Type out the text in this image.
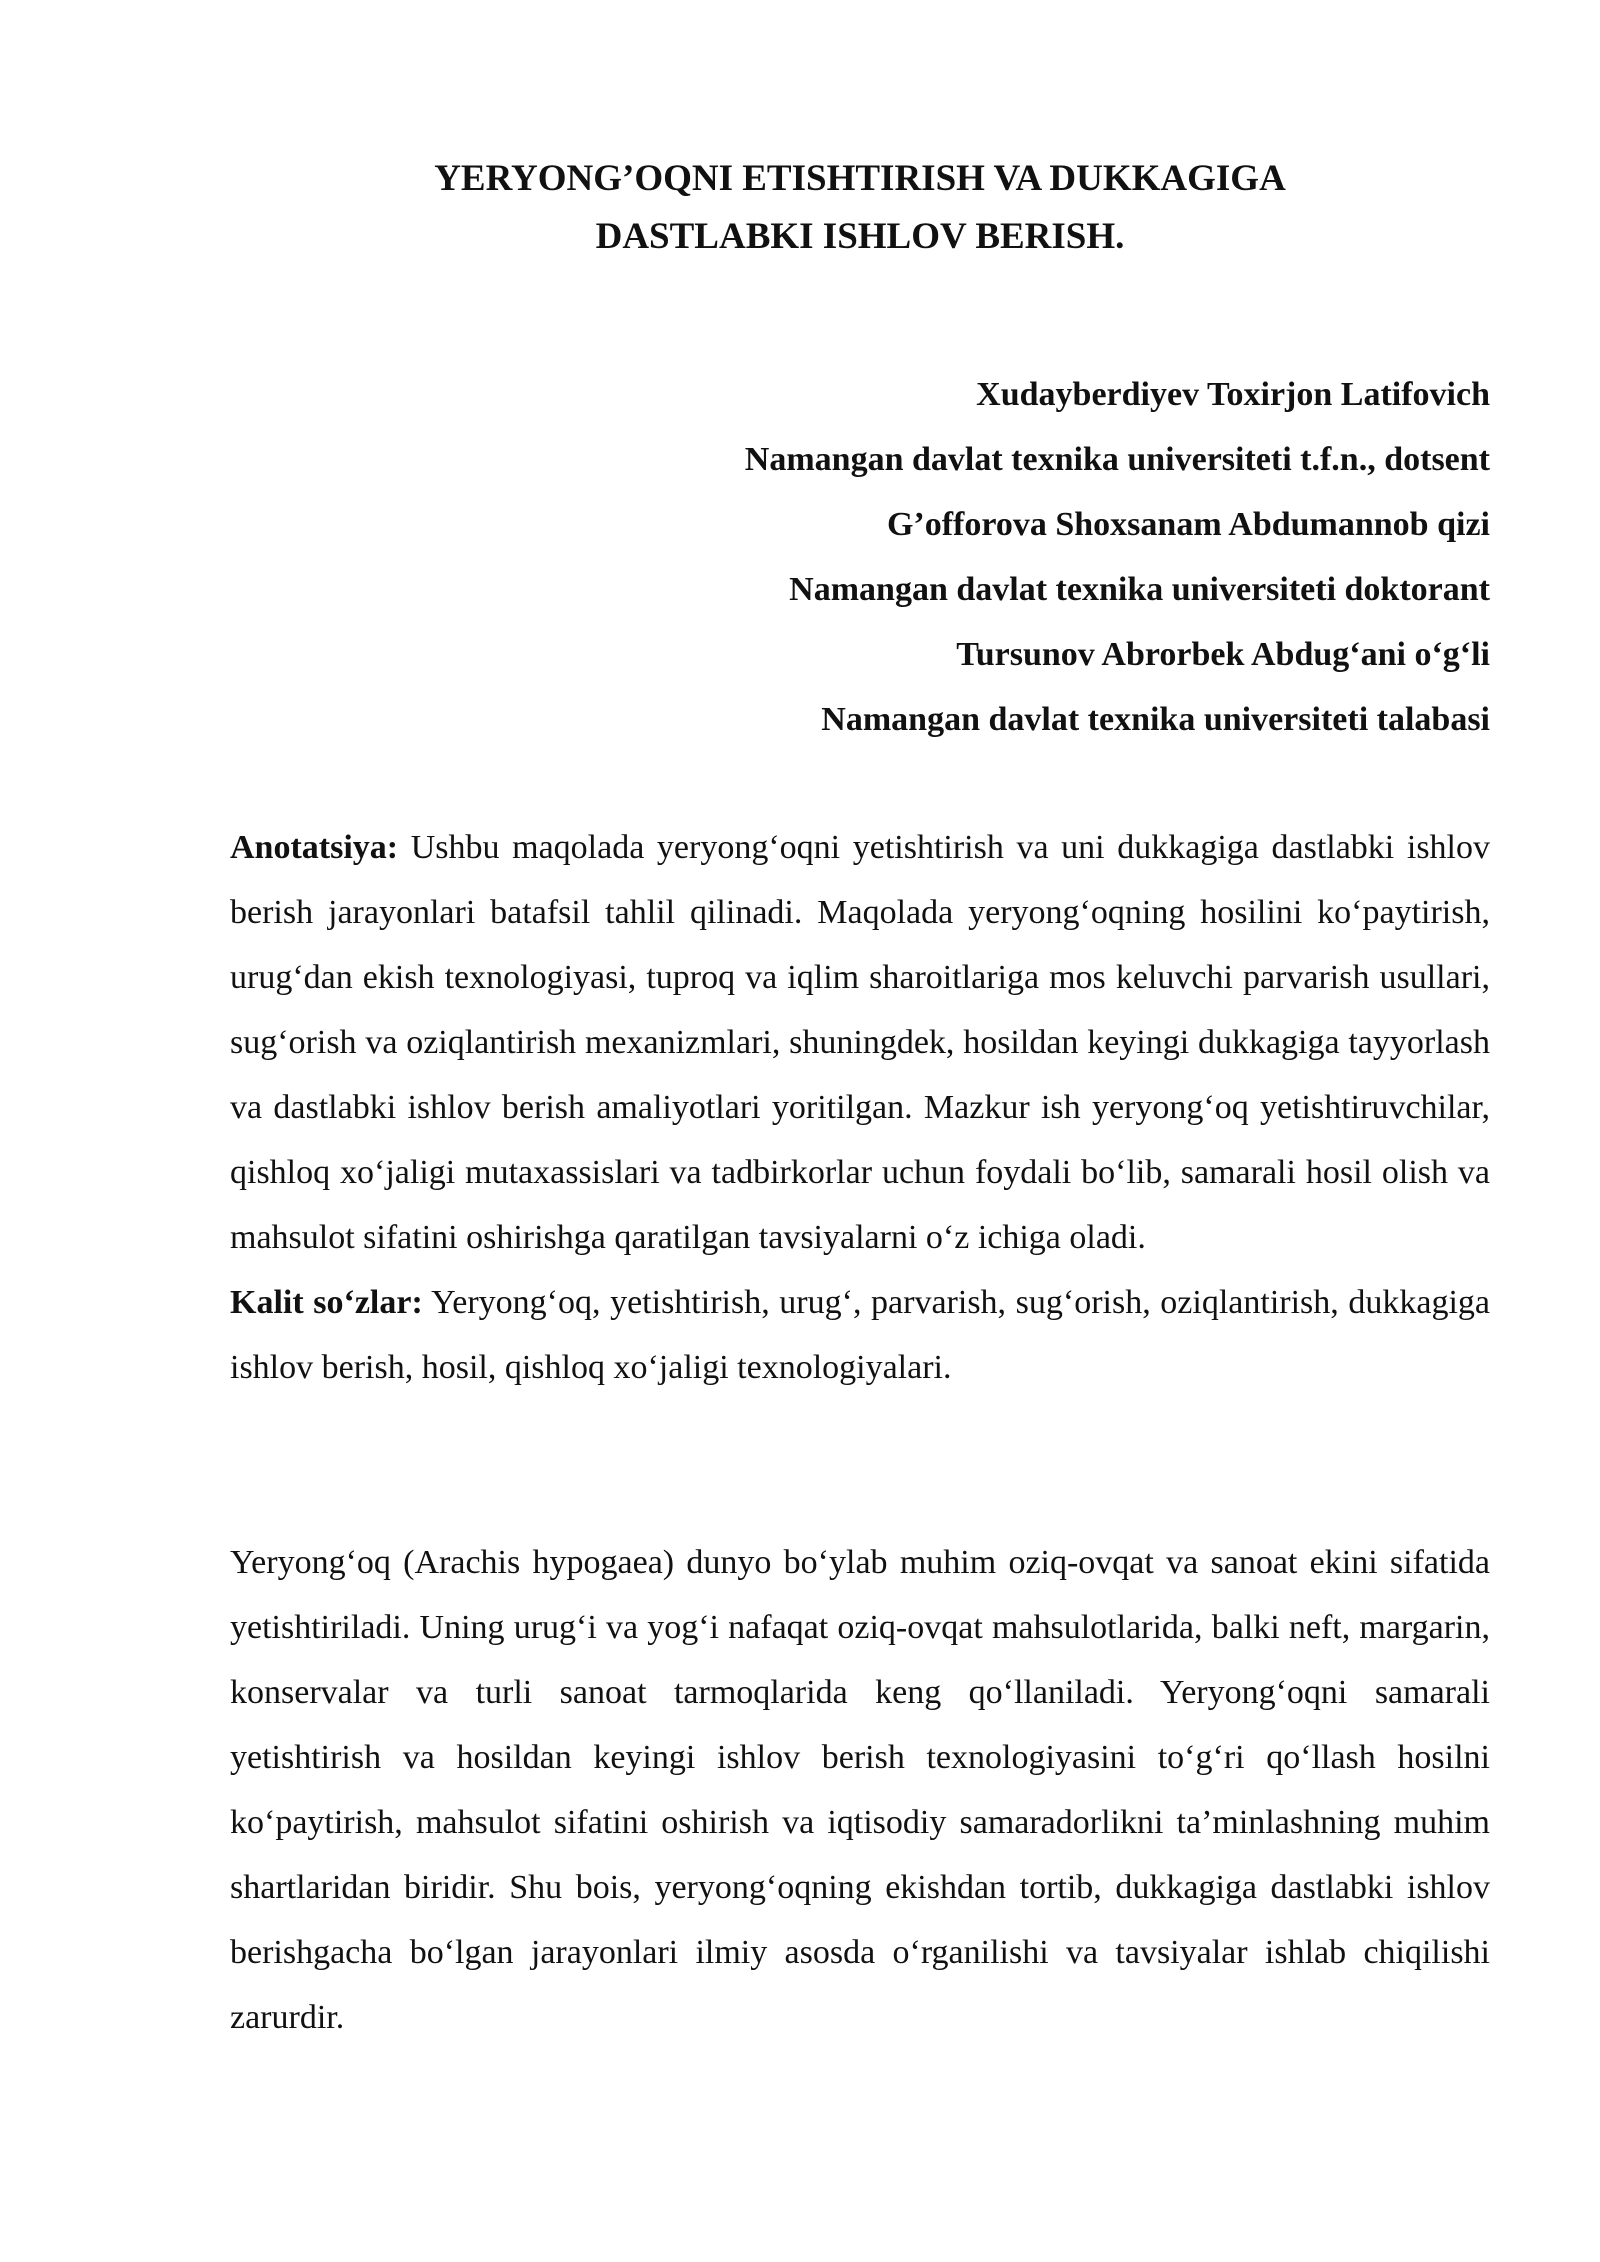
YERYONG’OQNI ETISHTIRISH VA DUKKAGIGA
DASTLABKI ISHLOV BERISH.
Xudayberdiyev Toxirjon Latifovich
Namangan davlat texnika universiteti t.f.n., dotsent
G’offorova Shoxsanam Abdumannob qizi
Namangan davlat texnika universiteti doktorant
Tursunov Abrorbek Abdug‘ani o‘g‘li
Namangan davlat texnika universiteti talabasi

Anotatsiya: Ushbu maqolada yeryong‘oqni yetishtirish va uni dukkagiga dastlabki ishlov berish jarayonlari batafsil tahlil qilinadi. Maqolada yeryong‘oqning hosilini ko‘paytirish, urug‘dan ekish texnologiyasi, tuproq va iqlim sharoitlariga mos keluvchi parvarish usullari, sug‘orish va oziqlantirish mexanizmlari, shuningdek, hosildan keyingi dukkagiga tayyorlash va dastlabki ishlov berish amaliyotlari yoritilgan. Mazkur ish yeryong‘oq yetishtiruvchilar, qishloq xo‘jaligi mutaxassislari va tadbirkorlar uchun foydali bo‘lib, samarali hosil olish va mahsulot sifatini oshirishga qaratilgan tavsiyalarni o‘z ichiga oladi.

Kalit so‘zlar: Yeryong‘oq, yetishtirish, urug‘, parvarish, sug‘orish, oziqlantirish, dukkagiga ishlov berish, hosil, qishloq xo‘jaligi texnologiyalari.

Yeryong‘oq (Arachis hypogaea) dunyo bo‘ylab muhim oziq-ovqat va sanoat ekini sifatida yetishtiriladi. Uning urug‘i va yog‘i nafaqat oziq-ovqat mahsulotlarida, balki neft, margarin, konservalar va turli sanoat tarmoqlarida keng qo‘llaniladi. Yeryong‘oqni samarali yetishtirish va hosildan keyingi ishlov berish texnologiyasini to‘g‘ri qo‘llash hosilni ko‘paytirish, mahsulot sifatini oshirish va iqtisodiy samaradorlikni ta’minlashning muhim shartlaridan biridir. Shu bois, yeryong‘oqning ekishdan tortib, dukkagiga dastlabki ishlov berishgacha bo‘lgan jarayonlari ilmiy asosda o‘rganilishi va tavsiyalar ishlab chiqilishi zarurdir.
